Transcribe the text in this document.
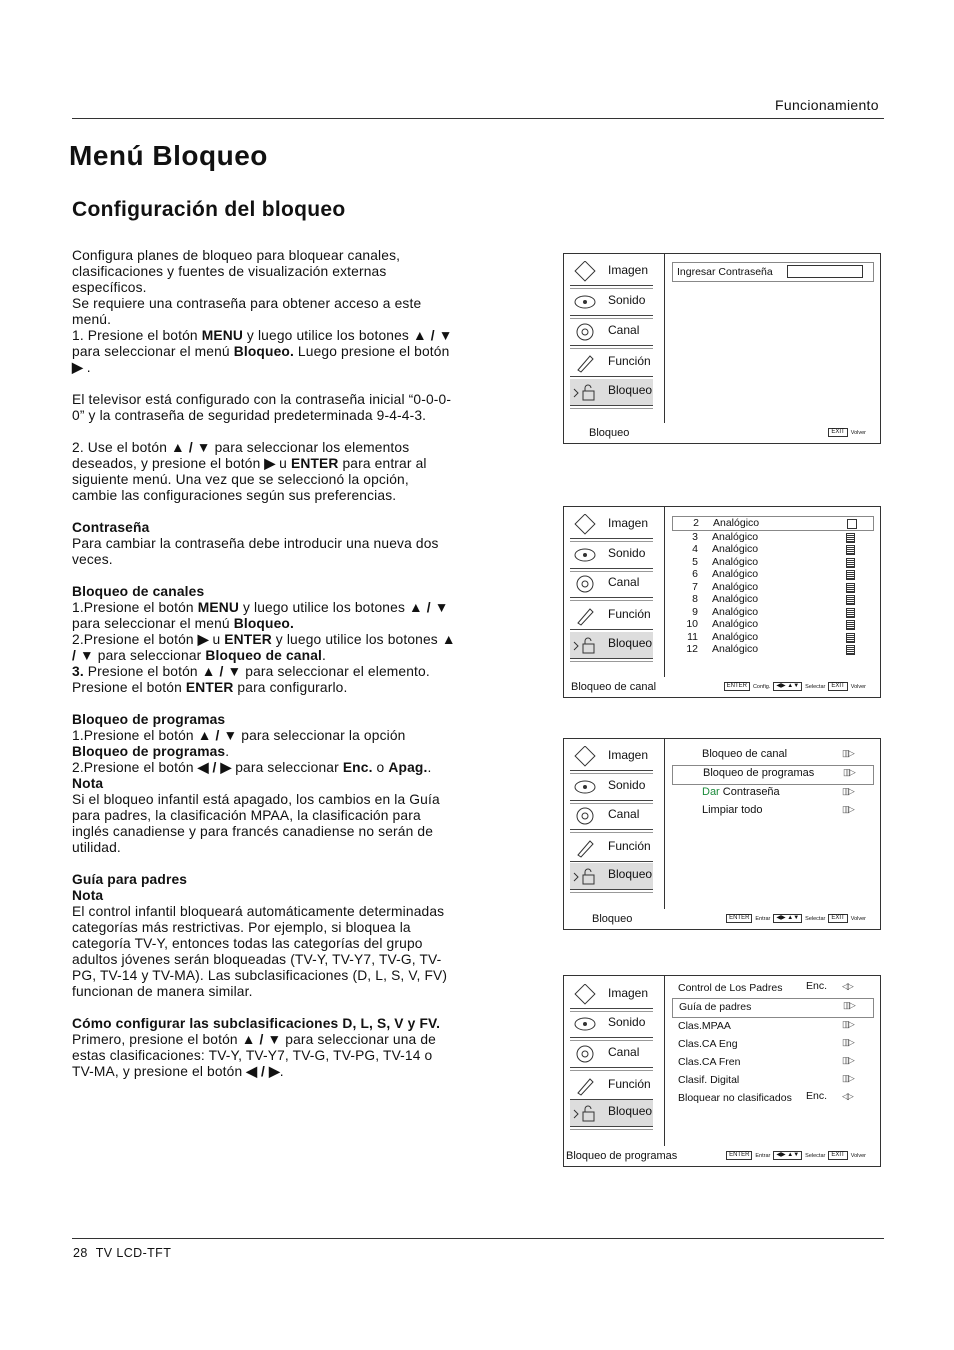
Funcionamiento
Menú Bloqueo
Configuración del bloqueo

Configura planes de bloqueo para bloquear canales, clasificaciones y fuentes de visualización externas específicos.

Se requiere una contraseña para obtener acceso a este menú.

1. Presione el botón MENU y luego utilice los botones ▲ / ▼ para seleccionar el menú Bloqueo. Luego presione el botón ▶ .

El televisor está configurado con la contraseña inicial “0-0-0-0” y la contraseña de seguridad predeterminada 9-4-4-3.

2. Use el botón ▲ / ▼ para seleccionar los elementos deseados, y presione el botón ▶ u ENTER para entrar al siguiente menú. Una vez que se seleccionó la opción, cambie las configuraciones según sus preferencias.

Contraseña

Para cambiar la contraseña debe introducir una nueva dos veces.

Bloqueo de canales

1.Presione el botón MENU y luego utilice los botones ▲ / ▼ para seleccionar el menú Bloqueo.

2.Presione el botón ▶ u ENTER y luego utilice los botones ▲ / ▼ para seleccionar Bloqueo de canal.

3. Presione el botón ▲ / ▼ para seleccionar el elemento. Presione el botón ENTER para configurarlo.

Bloqueo de programas

1.Presione el botón ▲ / ▼ para seleccionar la opción Bloqueo de programas.

2.Presione el botón ◀ / ▶ para seleccionar Enc. o Apag..

Nota

Si el bloqueo infantil está apagado, los cambios en la Guía para padres, la clasificación MPAA, la clasificación para inglés canadiense y para francés canadiense no serán de utilidad.

Guía para padres

Nota

El control infantil bloqueará automáticamente determinadas categorías más restrictivas. Por ejemplo, si bloquea la categoría TV-Y, entonces todas las categorías del grupo adultos jóvenes serán bloqueadas (TV-Y, TV-Y7, TV-G, TV-PG, TV-14 y TV-MA). Las subclasificaciones (D, L, S, V, FV) funcionan de manera similar.

Cómo configurar las subclasificaciones D, L, S, V y FV.

Primero, presione el botón ▲ / ▼ para seleccionar una de estas clasificaciones: TV-Y, TV-Y7, TV-G, TV-PG, TV-14 o TV-MA, y presione el botón ◀ / ▶.

Imagen
Sonido
Canal
Función
Bloqueo
Ingresar Contraseña
Bloqueo	EXIT	Volver
Imagen
Sonido
Canal
Función
Bloqueo
2 Analógico
3 Analógico
4 Analógico
5 Analógico
6 Analógico
7 Analógico
8 Analógico
9 Analógico
10 Analógico
11 Analógico
12 Analógico
Bloqueo de canal	ENTER	Config.	◀▶ ▲▼	Selectar	EXIT	Volver
Imagen
Sonido
Canal
Función
Bloqueo
Bloqueo de canal	▯▯▷
Bloqueo de programas	▯▯▷
Dar Contraseña	▯▯▷
Limpiar todo	▯▯▷
Bloqueo	ENTER	Entrar	◀▶ ▲▼	Selectar	EXIT	Volver
Imagen
Sonido
Canal
Función
Bloqueo
Control de Los Padres Enc. ◁▷
Guía de padres	▯▯▷
Clas.MPAA	▯▯▷
Clas.CA Eng	▯▯▷
Clas.CA Fren	▯▯▷
Clasif. Digital	▯▯▷
Bloquear no clasificados Enc. ◁▷
Bloqueo de programas	ENTER	Entrar	◀▶ ▲▼	Selectar	EXIT	Volver
28 TV LCD-TFT
